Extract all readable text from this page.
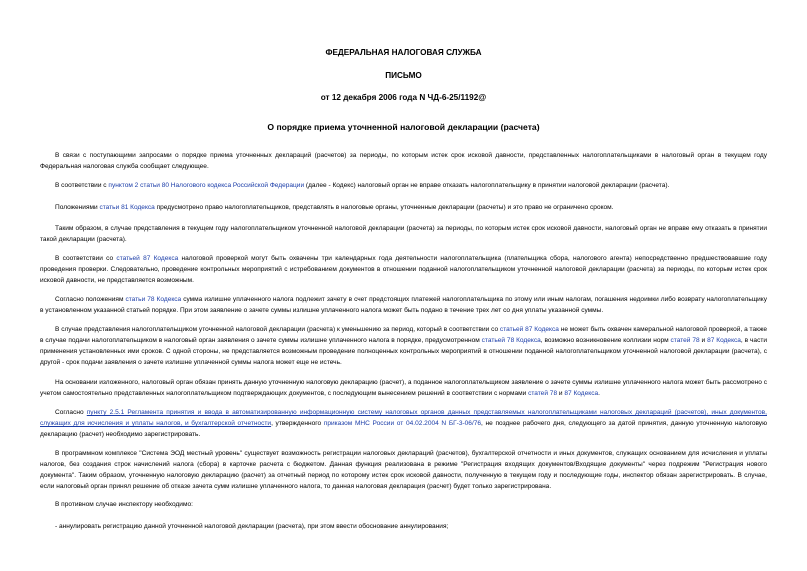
ФЕДЕРАЛЬНАЯ НАЛОГОВАЯ СЛУЖБА
ПИСЬМО
от 12 декабря 2006 года N ЧД-6-25/1192@
О порядке приема уточненной налоговой декларации (расчета)

В связи с поступающими запросами о порядке приема уточненных деклараций (расчетов) за периоды, по которым истек срок исковой давности, представленных налогоплательщиками в налоговый орган в текущем году Федеральная налоговая служба сообщает следующее.

В соответствии с пунктом 2 статьи 80 Налогового кодекса Российской Федерации (далее - Кодекс) налоговый орган не вправе отказать налогоплательщику в принятии налоговой декларации (расчета).

Положениями статьи 81 Кодекса предусмотрено право налогоплательщиков, представлять в налоговые органы, уточненные декларации (расчеты) и это право не ограничено сроком.

Таким образом, в случае представления в текущем году налогоплательщиком уточненной налоговой декларации (расчета) за периоды, по которым истек срок исковой давности, налоговый орган не вправе ему отказать в принятии такой декларации (расчета).

В соответствии со статьей 87 Кодекса налоговой проверкой могут быть охвачены три календарных года деятельности налогоплательщика (плательщика сбора, налогового агента) непосредственно предшествовавшие году проведения проверки. Следовательно, проведение контрольных мероприятий с истребованием документов в отношении поданной налогоплательщиком уточненной налоговой декларации (расчета) за периоды, по которым истек срок исковой давности, не представляется возможным.

Согласно положениям статьи 78 Кодекса сумма излишне уплаченного налога подлежит зачету в счет предстоящих платежей налогоплательщика по этому или иным налогам, погашения недоимки либо возврату налогоплательщику в установленном указанной статьей порядке. При этом заявление о зачете суммы излишне уплаченного налога может быть подано в течение трех лет со дня уплаты указанной суммы.

В случае представления налогоплательщиком уточненной налоговой декларации (расчета) к уменьшению за период, который в соответствии со статьей 87 Кодекса не может быть охвачен камеральной налоговой проверкой, а также в случае подачи налогоплательщиком в налоговый орган заявления о зачете суммы излишне уплаченного налога в порядке, предусмотренном статьей 78 Кодекса, возможно возникновение коллизии норм статей 78 и 87 Кодекса, в части применения установленных ими сроков. С одной стороны, не представляется возможным проведение полноценных контрольных мероприятий в отношении поданной налогоплательщиком уточненной налоговой декларации (расчета), с другой - срок подачи заявления о зачете излишне уплаченной суммы налога может еще не истечь.

На основании изложенного, налоговый орган обязан принять данную уточненную налоговую декларацию (расчет), а поданное налогоплательщиком заявление о зачете суммы излишне уплаченного налога может быть рассмотрено с учетом самостоятельно представленных налогоплательщиком подтверждающих документов, с последующим вынесением решений в соответствии с нормами статей 78 и 87 Кодекса.

Согласно пункту 2.5.1 Регламента принятия и ввода в автоматизированную информационную систему налоговых органов данных представляемых налогоплательщиками налоговых деклараций (расчетов), иных документов, служащих для исчисления и уплаты налогов, и бухгалтерской отчетности, утвержденного приказом МНС России от 04.02.2004 N БГ-3-06/76, не позднее рабочего дня, следующего за датой принятия, данную уточненную налоговую декларацию (расчет) необходимо зарегистрировать.

В программном комплексе "Система ЭОД местный уровень" существует возможность регистрации налоговых деклараций (расчетов), бухгалтерской отчетности и иных документов, служащих основанием для исчисления и уплаты налогов, без создания строк начислений налога (сбора) в карточке расчета с бюджетом. Данная функция реализована в режиме "Регистрация входящих документов/Входящие документы" через подрежим "Регистрация нового документа". Таким образом, уточненную налоговую декларацию (расчет) за отчетный период по которому истек срок исковой давности, полученную в текущем году и последующие годы, инспектор обязан зарегистрировать. В случае, если налоговый орган принял решение об отказе зачета сумм излишне уплаченного налога, то данная налоговая декларация (расчет) будет только зарегистрирована.

В противном случае инспектору необходимо:

- аннулировать регистрацию данной уточненной налоговой декларации (расчета), при этом ввести обоснование аннулирования;
